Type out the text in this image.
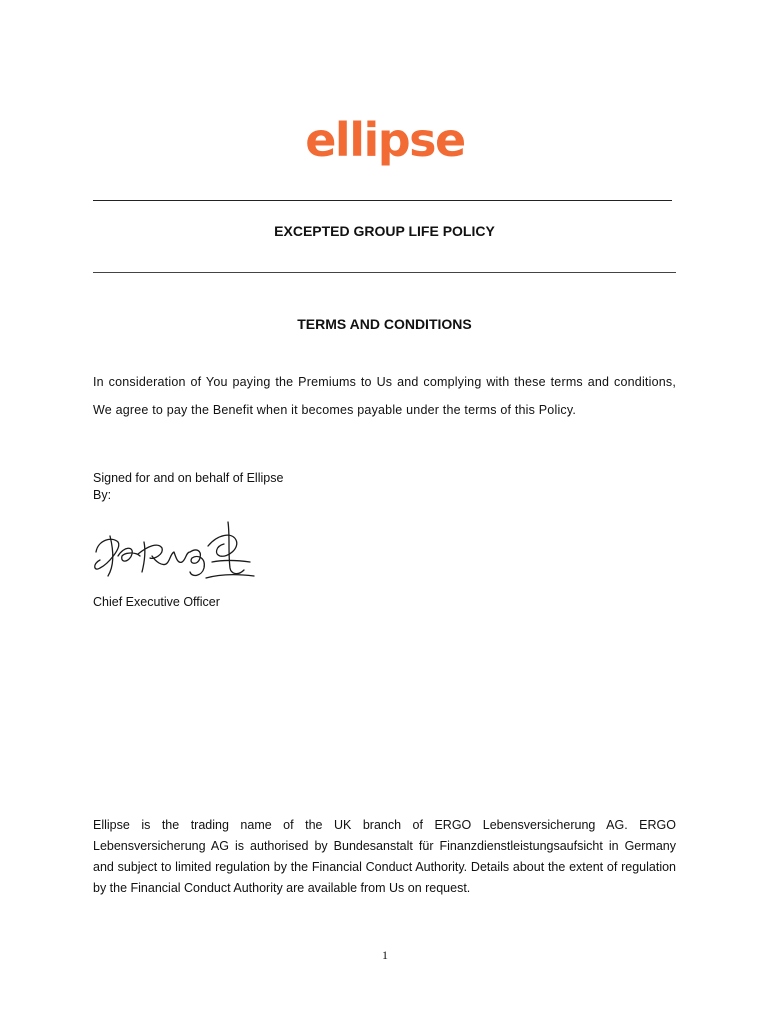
ellipse
EXCEPTED GROUP LIFE POLICY
TERMS AND CONDITIONS

In consideration of You paying the Premiums to Us and complying with these terms and conditions, We agree to pay the Benefit when it becomes payable under the terms of this Policy.

Signed for and on behalf of Ellipse
By:

Chief Executive Officer

Ellipse is the trading name of the UK branch of ERGO Lebensversicherung AG. ERGO Lebensversicherung AG is authorised by Bundesanstalt für Finanzdienstleistungsaufsicht in Germany and subject to limited regulation by the Financial Conduct Authority. Details about the extent of regulation by the Financial Conduct Authority are available from Us on request.

1
